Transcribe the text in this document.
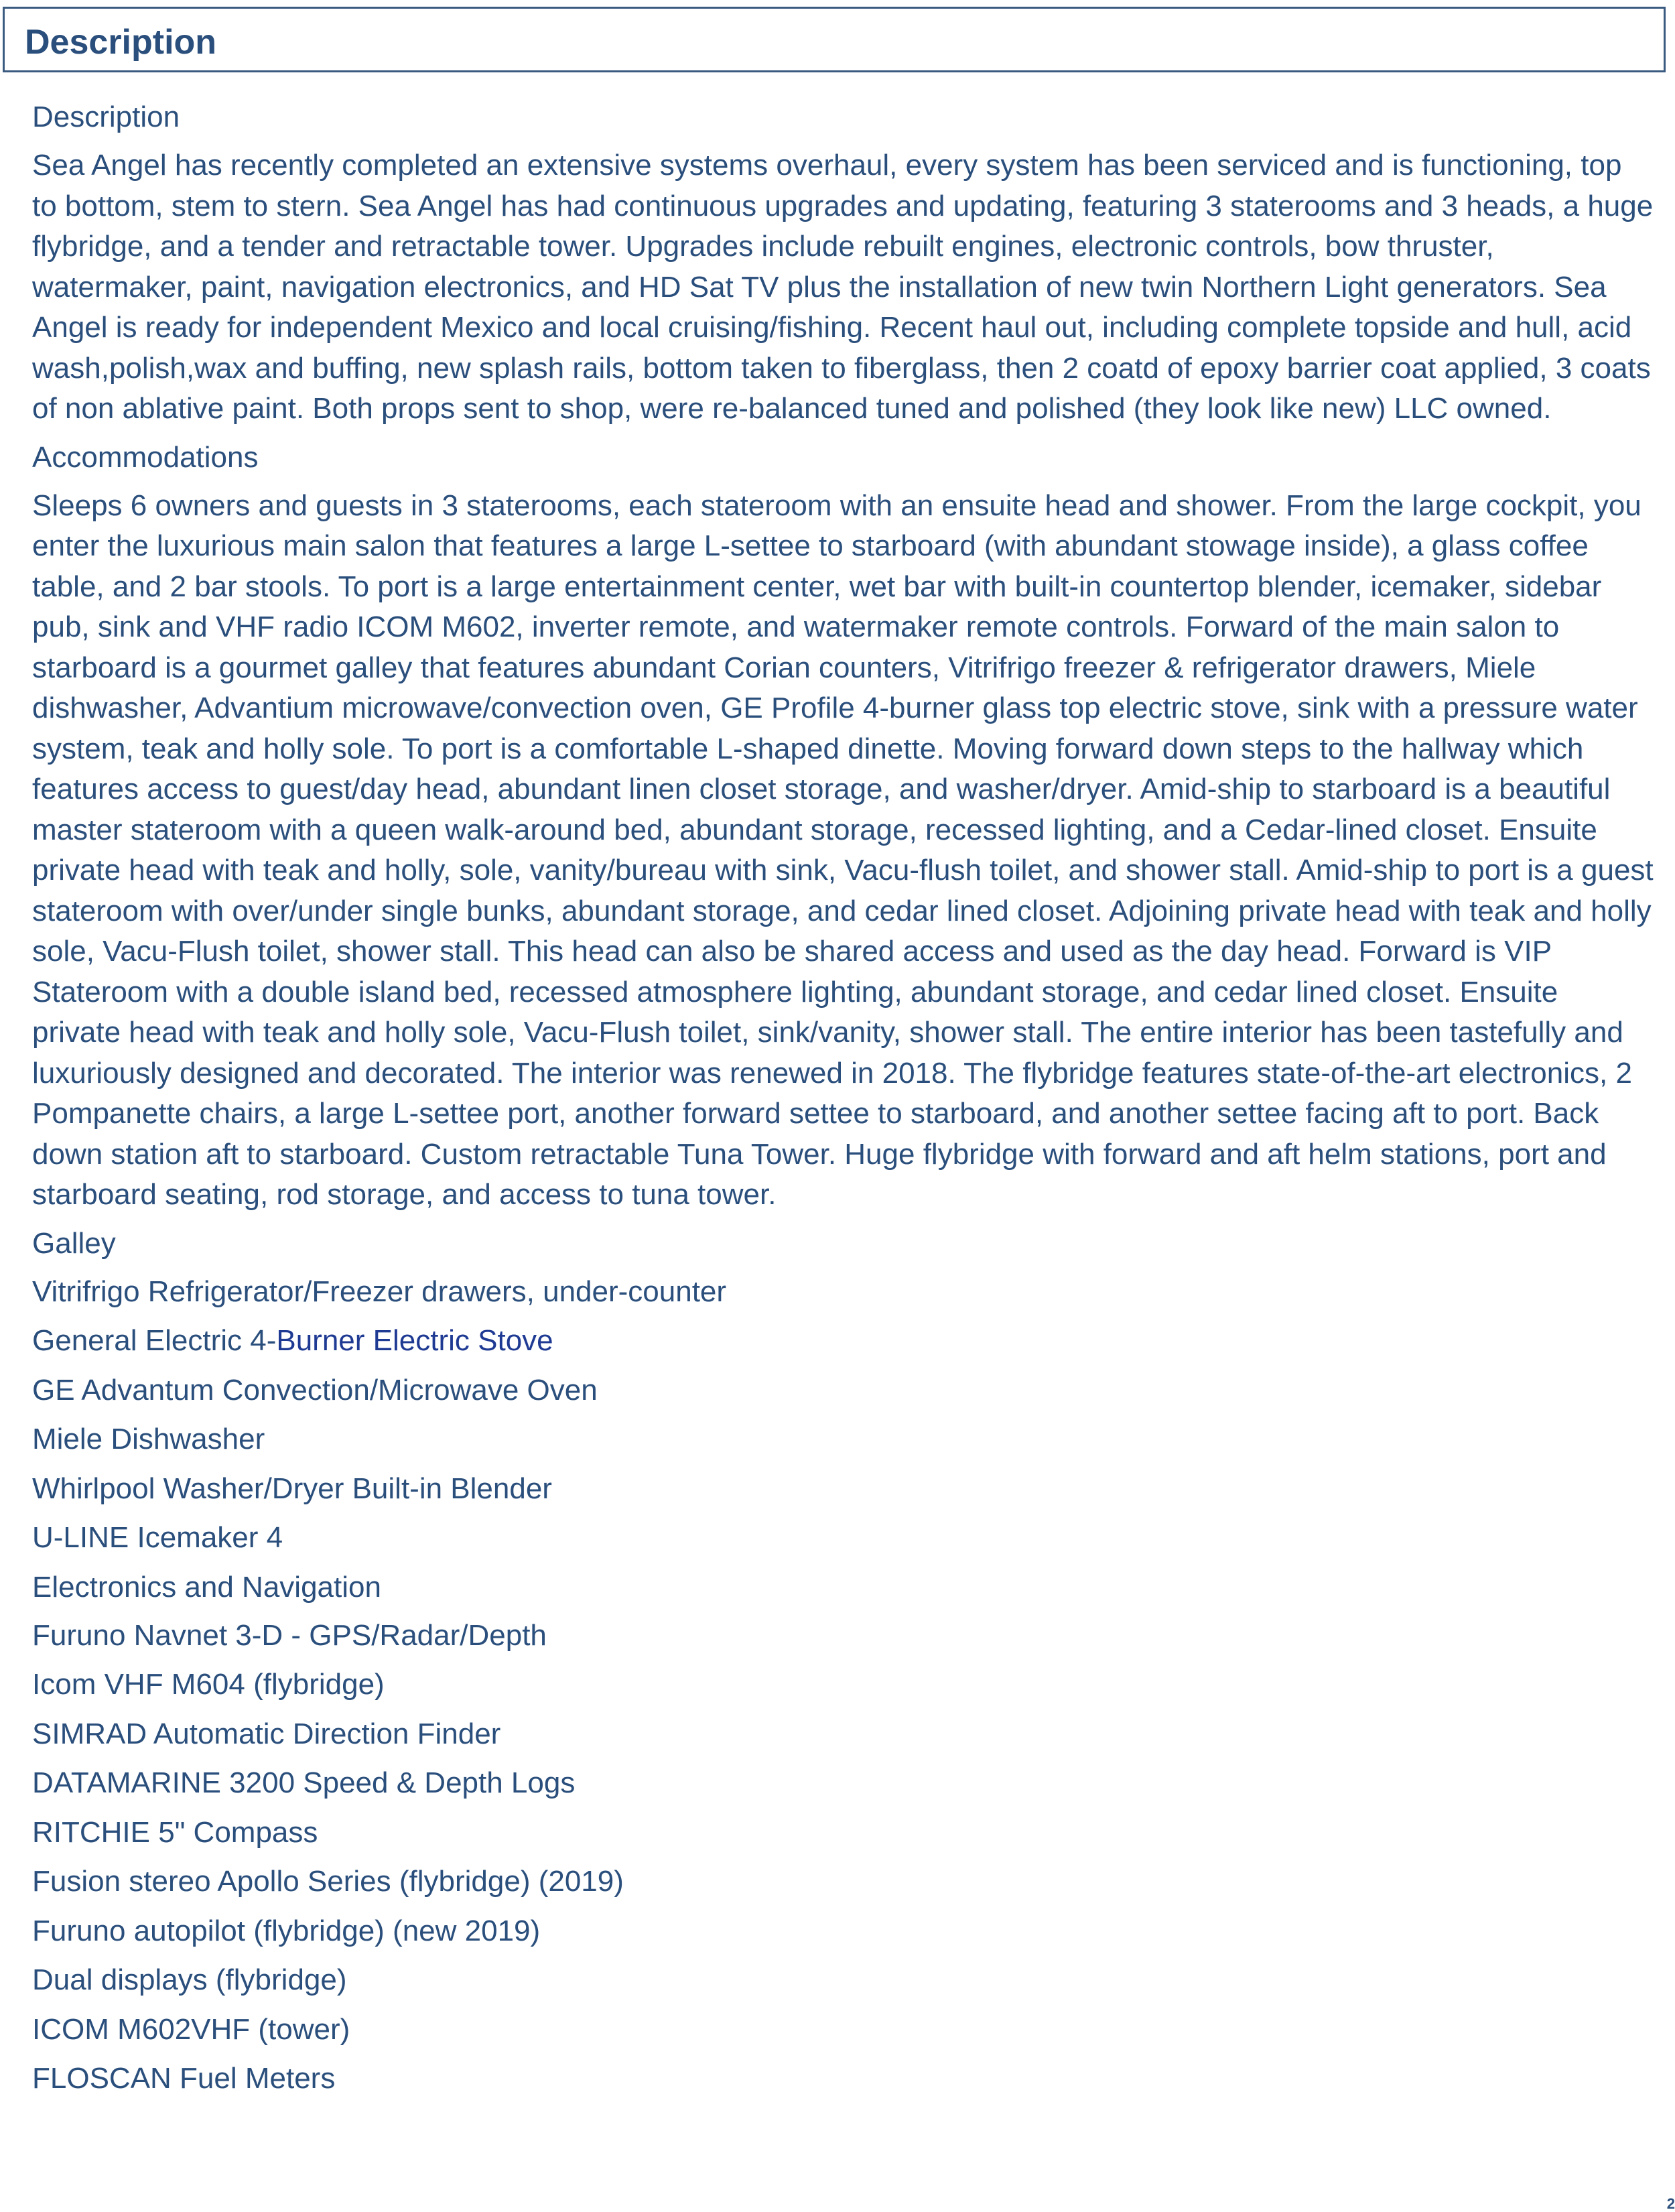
Description
Description
Sea Angel has recently completed an extensive systems overhaul, every system has been serviced and is functioning, top to bottom, stem to stern. Sea Angel has had continuous upgrades and updating, featuring 3 staterooms and 3 heads, a huge flybridge, and a tender and retractable tower. Upgrades include rebuilt engines, electronic controls, bow thruster, watermaker, paint, navigation electronics, and HD Sat TV plus the installation of new twin Northern Light generators. Sea Angel is ready for independent Mexico and local cruising/fishing. Recent haul out, including complete topside and hull, acid wash,polish,wax and buffing, new splash rails, bottom taken to fiberglass, then 2 coatd of epoxy barrier coat applied, 3 coats of non ablative paint. Both props sent to shop, were re-balanced tuned and polished (they look like new) LLC owned.
Accommodations
Sleeps 6 owners and guests in 3 staterooms, each stateroom with an ensuite head and shower. From the large cockpit, you enter the luxurious main salon that features a large L-settee to starboard (with abundant stowage inside), a glass coffee table, and 2 bar stools. To port is a large entertainment center, wet bar with built-in countertop blender, icemaker, sidebar pub, sink and VHF radio ICOM M602, inverter remote, and watermaker remote controls. Forward of the main salon to starboard is a gourmet galley that features abundant Corian counters, Vitrifrigo freezer & refrigerator drawers, Miele dishwasher, Advantium microwave/convection oven, GE Profile 4-burner glass top electric stove, sink with a pressure water system, teak and holly sole. To port is a comfortable L-shaped dinette. Moving forward down steps to the hallway which features access to guest/day head, abundant linen closet storage, and washer/dryer. Amid-ship to starboard is a beautiful master stateroom with a queen walk-around bed, abundant storage, recessed lighting, and a Cedar-lined closet. Ensuite private head with teak and holly, sole, vanity/bureau with sink, Vacu-flush toilet, and shower stall. Amid-ship to port is a guest stateroom with over/under single bunks, abundant storage, and cedar lined closet. Adjoining private head with teak and holly sole, Vacu-Flush toilet, shower stall. This head can also be shared access and used as the day head. Forward is VIP Stateroom with a double island bed, recessed atmosphere lighting, abundant storage, and cedar lined closet. Ensuite private head with teak and holly sole, Vacu-Flush toilet, sink/vanity, shower stall. The entire interior has been tastefully and luxuriously designed and decorated. The interior was renewed in 2018. The flybridge features state-of-the-art electronics, 2 Pompanette chairs, a large L-settee port, another forward settee to starboard, and another settee facing aft to port. Back down station aft to starboard. Custom retractable Tuna Tower. Huge flybridge with forward and aft helm stations, port and starboard seating, rod storage, and access to tuna tower.
Galley
Vitrifrigo Refrigerator/Freezer drawers, under-counter
General Electric 4-Burner Electric Stove
GE Advantum Convection/Microwave Oven
Miele Dishwasher
Whirlpool Washer/Dryer Built-in Blender
U-LINE Icemaker 4
Electronics and Navigation
Furuno Navnet 3-D - GPS/Radar/Depth
Icom VHF M604 (flybridge)
SIMRAD Automatic Direction Finder
DATAMARINE 3200 Speed & Depth Logs
RITCHIE 5" Compass
Fusion stereo Apollo Series (flybridge) (2019)
Furuno autopilot (flybridge) (new 2019)
Dual displays (flybridge)
ICOM M602VHF (tower)
FLOSCAN Fuel Meters
2
